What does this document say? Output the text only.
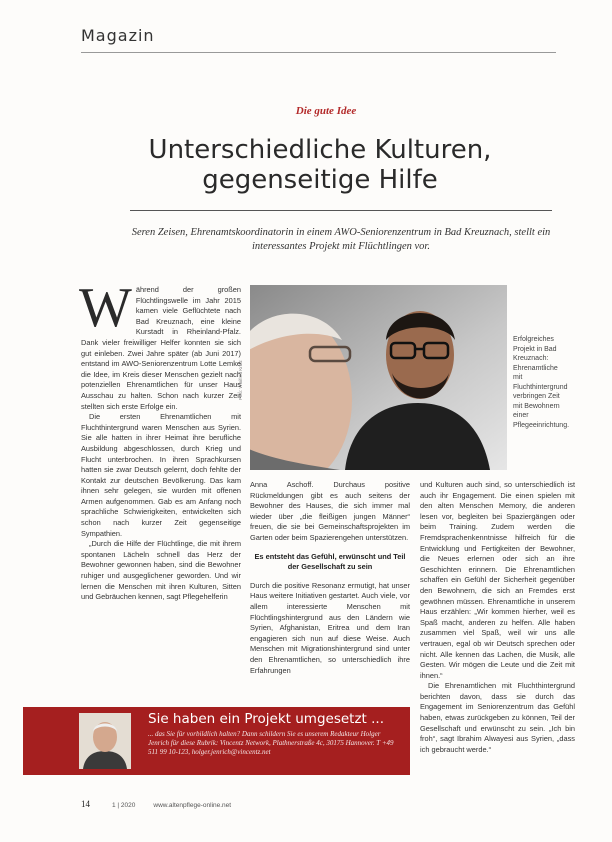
Magazin
Die gute Idee
Unterschiedliche Kulturen,
gegenseitige Hilfe
Seren Zeisen, Ehrenamtskoordinatorin in einem AWO-Seniorenzentrum in Bad Kreuznach, stellt ein interessantes Projekt mit Flüchtlingen vor.
Foto: Winifred Kratz
Erfolgreiches Projekt in Bad Kreuznach: Ehrenamtliche mit Fluchthintergrund verbringen Zeit mit Bewohnern einer Pflegeeinrichtung.

Während der großen Flüchtlingswelle im Jahr 2015 kamen viele Geflüchtete nach Bad Kreuznach, eine kleine Kurstadt in Rheinland-Pfalz. Dank vieler freiwilliger Helfer konnten sie sich gut einleben. Zwei Jahre später (ab Juni 2017) entstand im AWO-Seniorenzentrum Lotte Lemke die Idee, im Kreis dieser Menschen gezielt nach potenziellen Ehrenamtlichen für unser Haus Ausschau zu halten. Schon nach kurzer Zeit stellten sich erste Erfolge ein.

Die ersten Ehrenamtlichen mit Fluchthintergrund waren Menschen aus Syrien. Sie alle hatten in ihrer Heimat ihre berufliche Ausbildung abgeschlossen, durch Krieg und Flucht unterbrochen. In ihren Sprachkursen hatten sie zwar Deutsch gelernt, doch fehlte der Kontakt zur deutschen Bevölkerung. Das kam ihnen sehr gelegen, sie wurden mit offenen Armen aufgenommen. Gab es am Anfang noch sprachliche Schwierigkeiten, entwickelten sich schon nach kurzer Zeit gegenseitige Sympathien.

„Durch die Hilfe der Flüchtlinge, die mit ihrem spontanen Lächeln schnell das Herz der Bewohner gewonnen haben, sind die Bewohner ruhiger und ausgeglichener geworden. Und wir lernen die Menschen mit ihren Kulturen, Sitten und Gebräuchen kennen, sagt Pflegehelferin

Anna Aschoff. Durchaus positive Rückmeldungen gibt es auch seitens der Bewohner des Hauses, die sich immer mal wieder über „die fleißigen jungen Männer“ freuen, die sie bei Gemeinschaftsprojekten im Garten oder beim Spazierengehen unterstützen.

Es entsteht das Gefühl, erwünscht und Teil der Gesellschaft zu sein

Durch die positive Resonanz ermutigt, hat unser Haus weitere Initiativen gestartet. Auch viele, vor allem interessierte Menschen mit Flüchtlingshintergrund aus den Ländern wie Syrien, Afghanistan, Eritrea und dem Iran engagieren sich nun auf diese Weise. Auch Menschen mit Migrationshintergrund sind unter den Ehrenamtlichen, so unterschiedlich ihre Erfahrungen

und Kulturen auch sind, so unterschiedlich ist auch ihr Engagement. Die einen spielen mit den alten Menschen Memory, die anderen lesen vor, begleiten bei Spaziergängen oder beim Training. Zudem werden die Fremdsprachenkenntnisse hilfreich für die Entwicklung und Fertigkeiten der Bewohner, die Neues erlernen oder sich an ihre Geschichten erinnern. Die Ehrenamtlichen schaffen ein Gefühl der Sicherheit gegenüber den Bewohnern, die sich an Fremdes erst gewöhnen müssen. Ehrenamtliche in unserem Haus erzählen: „Wir kommen hierher, weil es Spaß macht, anderen zu helfen. Alle haben zusammen viel Spaß, weil wir uns alle vertrauen, egal ob wir Deutsch sprechen oder nicht. Alle kennen das Lachen, die Musik, alle Gesten. Wir mögen die Leute und die Zeit mit ihnen.“

Die Ehrenamtlichen mit Fluchthintergrund berichten davon, dass sie durch das Engagement im Seniorenzentrum das Gefühl haben, etwas zurückgeben zu können, Teil der Gesellschaft und erwünscht zu sein. „Ich bin froh“, sagt Ibrahim Alwayesi aus Syrien, „dass ich gebraucht werde.“

Sie haben ein Projekt umgesetzt ...
... das Sie für vorbildlich halten? Dann schildern Sie es unserem Redakteur Holger Jenrich für diese Rubrik: Vincentz Network, Plathnerstraße 4c, 30175 Hannover. T +49 511 99 10-123, holger.jenrich@vincentz.net
14	1 | 2020	www.altenpflege-online.net
